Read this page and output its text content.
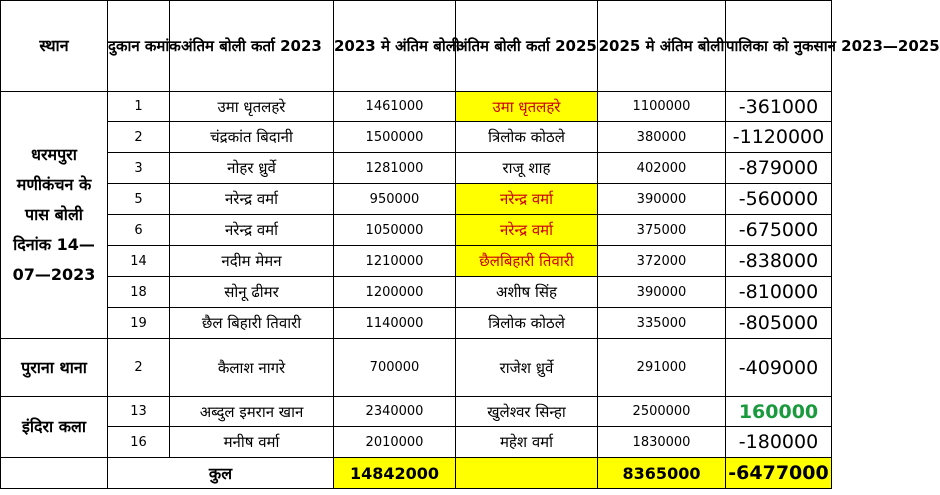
स्थान	दुकान कमांक	अंतिम बोली कर्ता 2023	2023 मे अंतिम बोली	अंतिम बोली कर्ता 2025	2025 मे अंतिम बोली	पालिका को नुकसान 2023—2025
धरमपुरा मणीकंचन के पास बोली दिनांक 14—07—2023	1	उमा धृतलहरे	1461000	उमा धृतलहरे	1100000	-361000
	2	चंद्रकांत बिदानी	1500000	त्रिलोक कोठले	380000	-1120000
	3	नोहर ध्रुर्वे	1281000	राजू शाह	402000	-879000
	5	नरेन्द्र वर्मा	950000	नरेन्द्र वर्मा	390000	-560000
	6	नरेन्द्र वर्मा	1050000	नरेन्द्र वर्मा	375000	-675000
	14	नदीम मेमन	1210000	छैलबिहारी तिवारी	372000	-838000
	18	सोनू ढीमर	1200000	अशीष सिंह	390000	-810000
	19	छैल बिहारी तिवारी	1140000	त्रिलोक कोठले	335000	-805000
पुराना थाना	2	कैलाश नागरे	700000	राजेश ध्रुर्वे	291000	-409000
इंदिरा कला	13	अब्दुल इमरान खान	2340000	खुलेश्वर सिन्हा	2500000	160000
	16	मनीष वर्मा	2010000	महेश वर्मा	1830000	-180000
	कुल		14842000		8365000	-6477000
